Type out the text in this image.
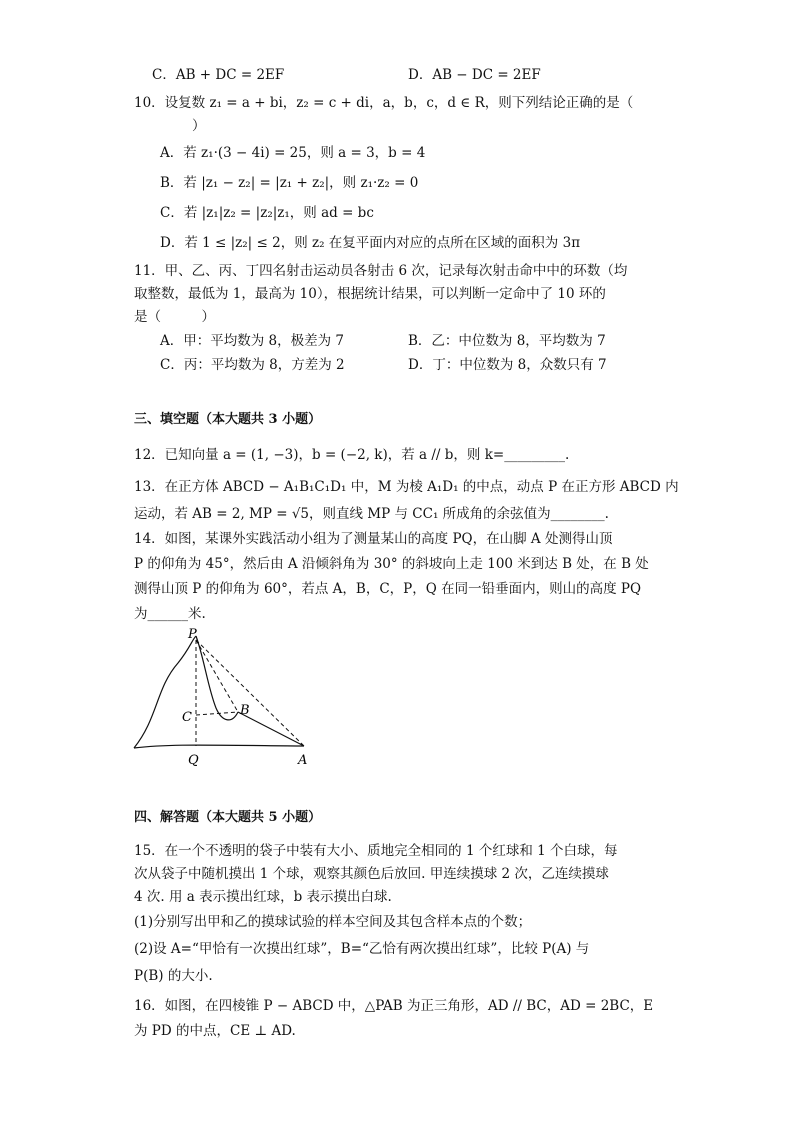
C．AB + DC = 2EF	D．AB − DC = 2EF
10．设复数 z₁ = a + bi，z₂ = c + di，a，b，c，d ∈ R，则下列结论正确的是（
）
A．若 z₁·(3 − 4i) = 25，则 a = 3，b = 4
B．若 |z₁ − z₂| = |z₁ + z₂|，则 z₁·z₂ = 0
C．若 |z₁|z₂ = |z₂|z₁，则 ad = bc
D．若 1 ≤ |z₂| ≤ 2，则 z₂ 在复平面内对应的点所在区域的面积为 3π
11．甲、乙、丙、丁四名射击运动员各射击 6 次，记录每次射击命中中的环数（均
取整数，最低为 1，最高为 10），根据统计结果，可以判断一定命中了 10 环的
是（　　　）
A．甲：平均数为 8，极差为 7	B．乙：中位数为 8，平均数为 7
C．丙：平均数为 8，方差为 2	D．丁：中位数为 8，众数只有 7
三、填空题（本大题共 3 小题）
12．已知向量 a = (1, −3)，b = (−2, k)，若 a // b，则 k=_________.
13．在正方体 ABCD − A₁B₁C₁D₁ 中，M 为棱 A₁D₁ 的中点，动点 P 在正方形 ABCD 内
运动，若 AB = 2, MP = √5，则直线 MP 与 CC₁ 所成角的余弦值为________.
14．如图，某课外实践活动小组为了测量某山的高度 PQ，在山脚 A 处测得山顶
P 的仰角为 45°，然后由 A 沿倾斜角为 30° 的斜坡向上走 100 米到达 B 处，在 B 处
测得山顶 P 的仰角为 60°，若点 A，B，C，P，Q 在同一铅垂面内，则山的高度 PQ
为______米.
P
C	B
Q	A
四、解答题（本大题共 5 小题）
15．在一个不透明的袋子中装有大小、质地完全相同的 1 个红球和 1 个白球，每
次从袋子中随机摸出 1 个球，观察其颜色后放回. 甲连续摸球 2 次，乙连续摸球
4 次. 用 a 表示摸出红球，b 表示摸出白球.
(1)分别写出甲和乙的摸球试验的样本空间及其包含样本点的个数；
(2)设 A=“甲恰有一次摸出红球”，B=“乙恰有两次摸出红球”，比较 P(A) 与
P(B) 的大小.
16．如图，在四棱锥 P − ABCD 中，△PAB 为正三角形，AD // BC，AD = 2BC，E
为 PD 的中点，CE ⊥ AD.
